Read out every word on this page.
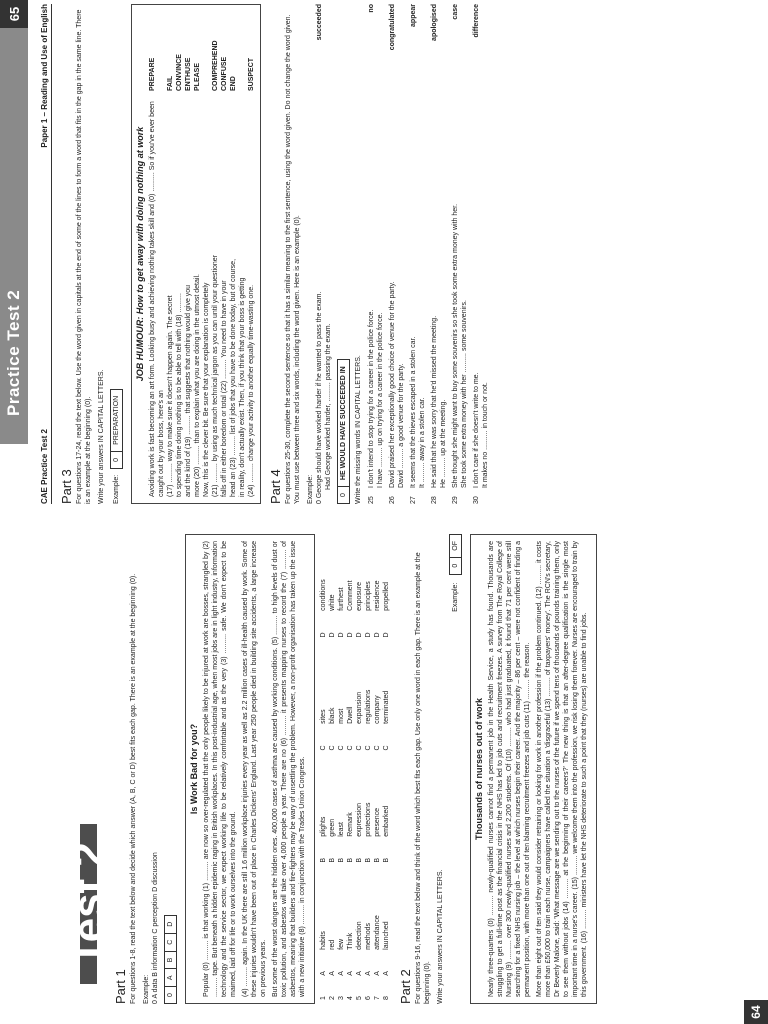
Practice Test 2
65
Test 2
Part 1 For questions 1-8, read the text below and decide which answer (A, B, C or D) best fits each gap. There is an example at the beginning (0). Example: 0 A data B information C perception D discussion 0
A
B
C
D
Is Work Bad for you? Popular (0) .......... is that working (1) .......... are now so over-regulated that the only people likely to be injured at work are bosses, strangled by (2) .......... tape. But beneath a hidden epidemic raging in British workplaces. In this post-industrial age, when most jobs are in light industry, information technology and the service sector, we expect working life to be relatively comfortable and as the very (3) .......... safe. We don't expect to be maimed, laid off for life or to work ourselves into the ground. (4) .......... again. In the UK there are still 1.6 million workplace injuries every year as well as 2.2 million cases of ill-health caused by work. Some of these injuries wouldn't have been out of place in Charles Dickens' England. Last year 250 people died in building site accidents, a large increase on previous years. But some of the worst dangers are the hidden ones. 400,000 cases of asthma are caused by working conditions. (5) .......... to high levels of dust or toxic pollution, and asbestos will take over 4,000 people a year. There are no (6) .......... it presents mapping nurses to record the (7) .......... of asbestos, meaning that builders and fire-fighters may be wary of unsettling the problem. However, a non-profit organisation has taken up the issue with a new initiative (8) .......... in conjunction with the Trades Union Congress.

1	A	habits	B	plights	C	sites	D	conditions
2	A	red	B	green	C	black	D	white
3	A	few	B	least	C	most	D	furthest
4	A	Think	B	Remark	C	Dwell	D	Comment
5	A	detection	B	expression	C	expansion	D	exposure
6	A	methods	B	protections	C	regulations	D	principles
7	A	attendance	B	presence	C	company	D	residence
8	A	launched	B	embarked	C	terminated	D	propelled
Part 2 For questions 9-16, read the text below and think of the word which best fits each gap. Use only one word in each gap. There is an example at the beginning (0). Write your answers IN CAPITAL LETTERS.
Example:
0
OF
Thousands of nurses out of work Nearly three-quarters (0) .......... newly-qualified nurses cannot find a permanent job in the Health Service, a study has found. Thousands are struggling to get a full-time post as the financial crisis in the NHS has led to job cuts and recruitment freezes. A survey from The Royal College of Nursing (9) .......... over 300 newly-qualified nurses and 2,200 students. Of (10) .......... who had just graduated, it found that 71 per cent were still searching for a fixed NHS nursing job – the level at which nurses begin their career. And the majority – 86 per cent – were not confident of finding a permanent position, with more than one out of ten blaming recruitment freezes and job cuts (11) .......... the reason. More than eight out of ten said they would consider retraining or looking for work in another profession if the problem continued. (12) .......... it costs more than £50,000 to train each nurse, campaigners have called the situation a 'disgraceful (13) .......... of taxpayers' money'. The RCN's secretary, Dr Beverly Malone, said: 'What message are we sending out to the nurses of the future if we spend tens of thousands of pounds training them, only to see them without jobs (14) .......... at the beginning of their careers?' The new thing is that an after-degree qualification is the single most important time in a nurse's career. (15) .......... we welcome them into the profession, we risk losing them forever. Nurses are encouraged to train by this government. (16) .......... ministers have let the NHS deteriorate to such a point that they (nurses) are unable to find jobs.

CAE Practice Test 2
Paper 1 – Reading and Use of English
Part 3 For questions 17-24, read the text below. Use the word given in capitals at the end of some of the lines to form a word that fits in the gap in the same line. There is an example at the beginning (0). Write your answers IN CAPITAL LETTERS. Example:
0
PREPARATION
JOB HUMOUR: How to get away with doing nothing at work Avoiding work is fast becoming an art form. Looking busy and achieving nothing takes skill and (0) .......... So if you've ever been caught out by your boss, here's an
PREPARE
(17) .......... way to make sure it doesn't happen again. The secret
FAIL
to spending time doing nothing is to be able to tell with (18) ..........
CONVINCE
and the kind of (19) .......... that suggests that nothing would give you
ENTHUSE
more (20) .......... than to explain what you are doing in the utmost detail.
PLEASE
Now, this is the clever bit. Be sure that your explanation is completely (21) .......... by using as much technical jargon as you can until your questioner
COMPREHEND
falls off in either boredom or total (22) .......... You need to have in your
CONFUSE
head an (23) .......... list of jobs that you have to be done today, but of course,
END
in reality, don't actually exist. Then, if you think that your boss is getting (24) .......... change your activity to another equally time-wasting one.
SUSPECT
Part 4 For questions 25-30, complete the second sentence so that it has a similar meaning to the first sentence, using the word given. Do not change the word given. You must use between three and six words, including the word given. Here is an example (0). Example: 0 George should have worked harder if he wanted to pass the exam.
succeeded
Had George worked harder, .......... passing the exam.
0
HE WOULD HAVE SUCCEEDED IN Write the missing words IN CAPITAL LETTERS. 25
I don't intend to stop trying for a career in the police force. I have .......... up on trying for a career in the police force.
no
26
David praised her exceptionally good choice of venue for the party. David .......... a good venue for the party.
congratulated
27
It seems that the thieves escaped in a stolen car. It .......... away in a stolen car.
appear
28
He said that he was sorry that he'd missed the meeting. He .......... up at the meeting.
apologised
29
She thought she might want to buy some souvenirs so she took some extra money with her. She took some extra money with her .......... some souvenirs.
case
30
I don't care if she doesn't write to me. It makes no .......... in touch or not.
difference
64
